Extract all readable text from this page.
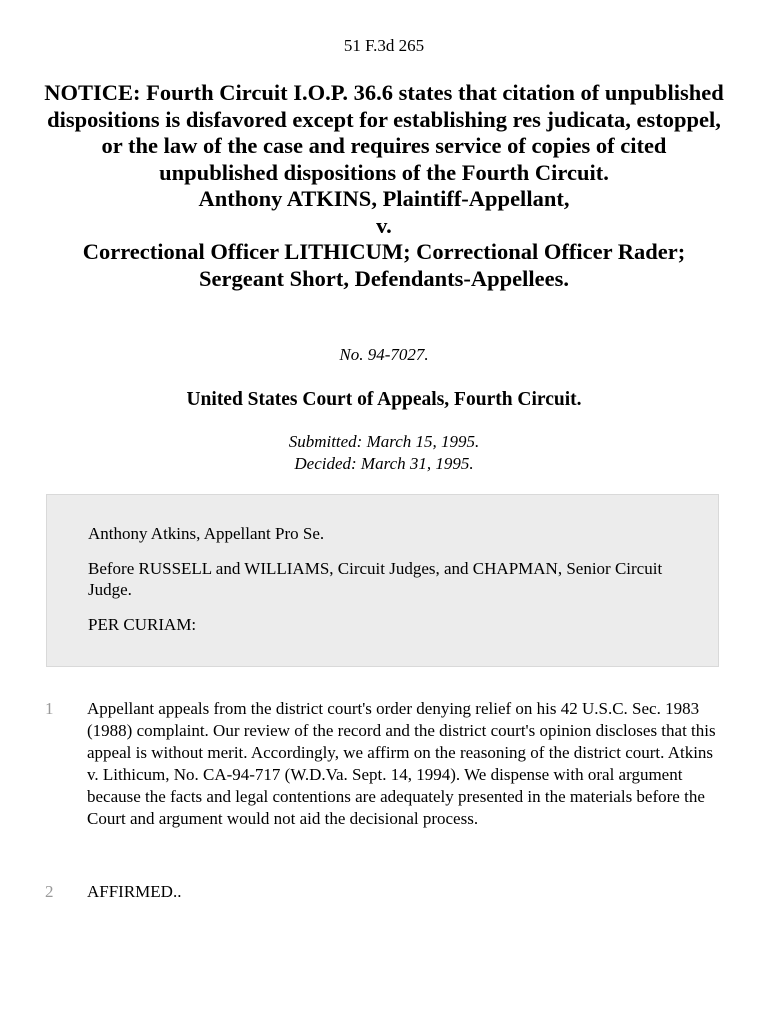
51 F.3d 265
NOTICE: Fourth Circuit I.O.P. 36.6 states that citation of unpublished dispositions is disfavored except for establishing res judicata, estoppel, or the law of the case and requires service of copies of cited unpublished dispositions of the Fourth Circuit.
Anthony ATKINS, Plaintiff-Appellant,
v.
Correctional Officer LITHICUM; Correctional Officer Rader; Sergeant Short, Defendants-Appellees.
No. 94-7027.
United States Court of Appeals, Fourth Circuit.
Submitted: March 15, 1995.
Decided: March 31, 1995.

Anthony Atkins, Appellant Pro Se.

Before RUSSELL and WILLIAMS, Circuit Judges, and CHAPMAN, Senior Circuit Judge.

PER CURIAM:

1	Appellant appeals from the district court's order denying relief on his 42 U.S.C. Sec. 1983 (1988) complaint. Our review of the record and the district court's opinion discloses that this appeal is without merit. Accordingly, we affirm on the reasoning of the district court. Atkins v. Lithicum, No. CA-94-717 (W.D.Va. Sept. 14, 1994). We dispense with oral argument because the facts and legal contentions are adequately presented in the materials before the Court and argument would not aid the decisional process.
2	AFFIRMED..
